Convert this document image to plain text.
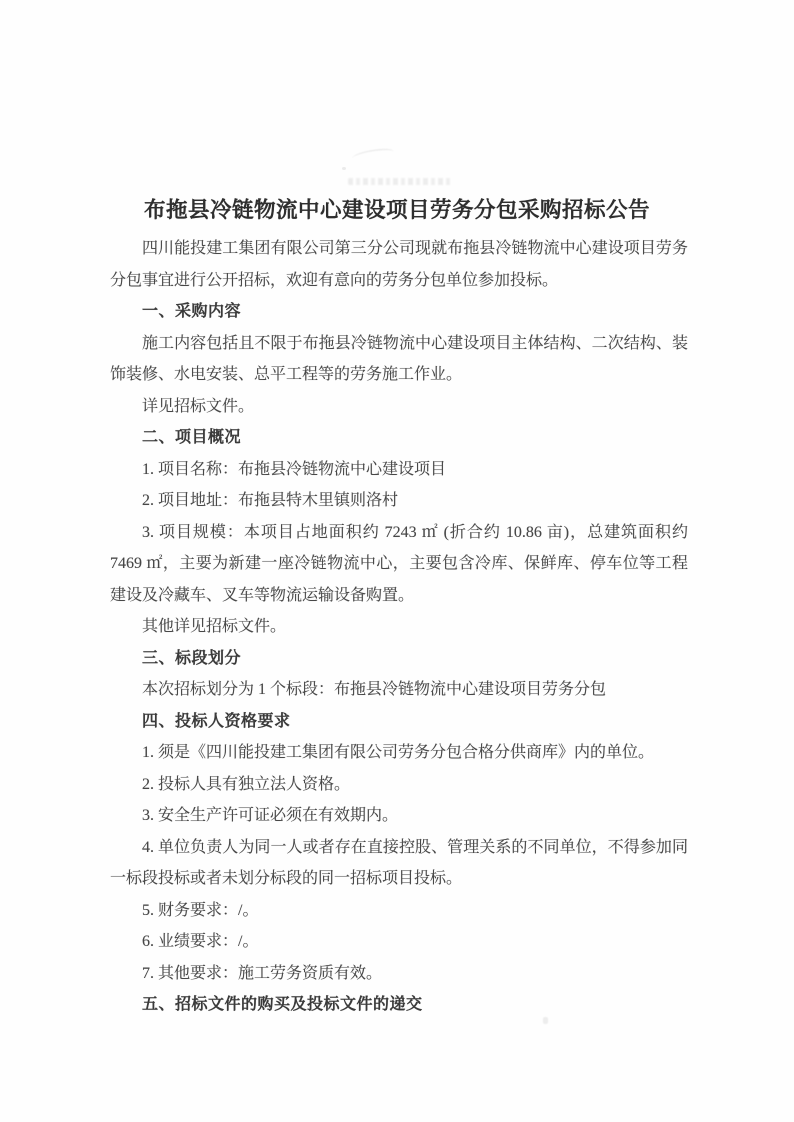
布拖县冷链物流中心建设项目劳务分包采购招标公告

四川能投建工集团有限公司第三分公司现就布拖县冷链物流中心建设项目劳务分包事宜进行公开招标，欢迎有意向的劳务分包单位参加投标。

一、采购内容

施工内容包括且不限于布拖县冷链物流中心建设项目主体结构、二次结构、装饰装修、水电安装、总平工程等的劳务施工作业。

详见招标文件。

二、项目概况

1. 项目名称：布拖县冷链物流中心建设项目

2. 项目地址：布拖县特木里镇则洛村

3. 项目规模：本项目占地面积约 7243 ㎡ (折合约 10.86 亩)，总建筑面积约 7469 ㎡，主要为新建一座冷链物流中心，主要包含冷库、保鲜库、停车位等工程建设及冷藏车、叉车等物流运输设备购置。

其他详见招标文件。

三、标段划分

本次招标划分为 1 个标段：布拖县冷链物流中心建设项目劳务分包

四、投标人资格要求

1. 须是《四川能投建工集团有限公司劳务分包合格分供商库》内的单位。

2. 投标人具有独立法人资格。

3. 安全生产许可证必须在有效期内。

4. 单位负责人为同一人或者存在直接控股、管理关系的不同单位，不得参加同一标段投标或者未划分标段的同一招标项目投标。

5. 财务要求：/。

6. 业绩要求：/。

7. 其他要求：施工劳务资质有效。

五、招标文件的购买及投标文件的递交
